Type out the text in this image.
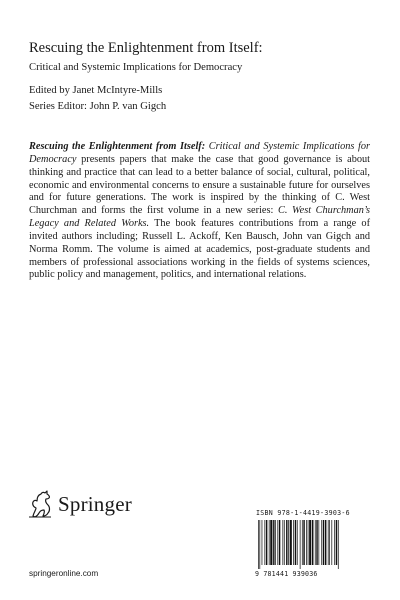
Rescuing the Enlightenment from Itself:
Critical and Systemic Implications for Democracy
Edited by Janet McIntyre-Mills
Series Editor: John P. van Gigch
Rescuing the Enlightenment from Itself: Critical and Systemic Implications for Democracy presents papers that make the case that good governance is about thinking and practice that can lead to a better balance of social, cultural, political, economic and environmental concerns to ensure a sustainable future for ourselves and for future generations. The work is inspired by the thinking of C. West Churchman and forms the first volume in a new series: C. West Churchman’s Legacy and Related Works. The book features contributions from a range of invited authors including; Russell L. Ackoff, Ken Bausch, John van Gigch and Norma Romm. The volume is aimed at academics, post-graduate students and members of professional associations working in the fields of systems sciences, public policy and management, politics, and international relations.
Springer
springeronline.com
ISBN 978-1-4419-3903-6
9 781441 939036
